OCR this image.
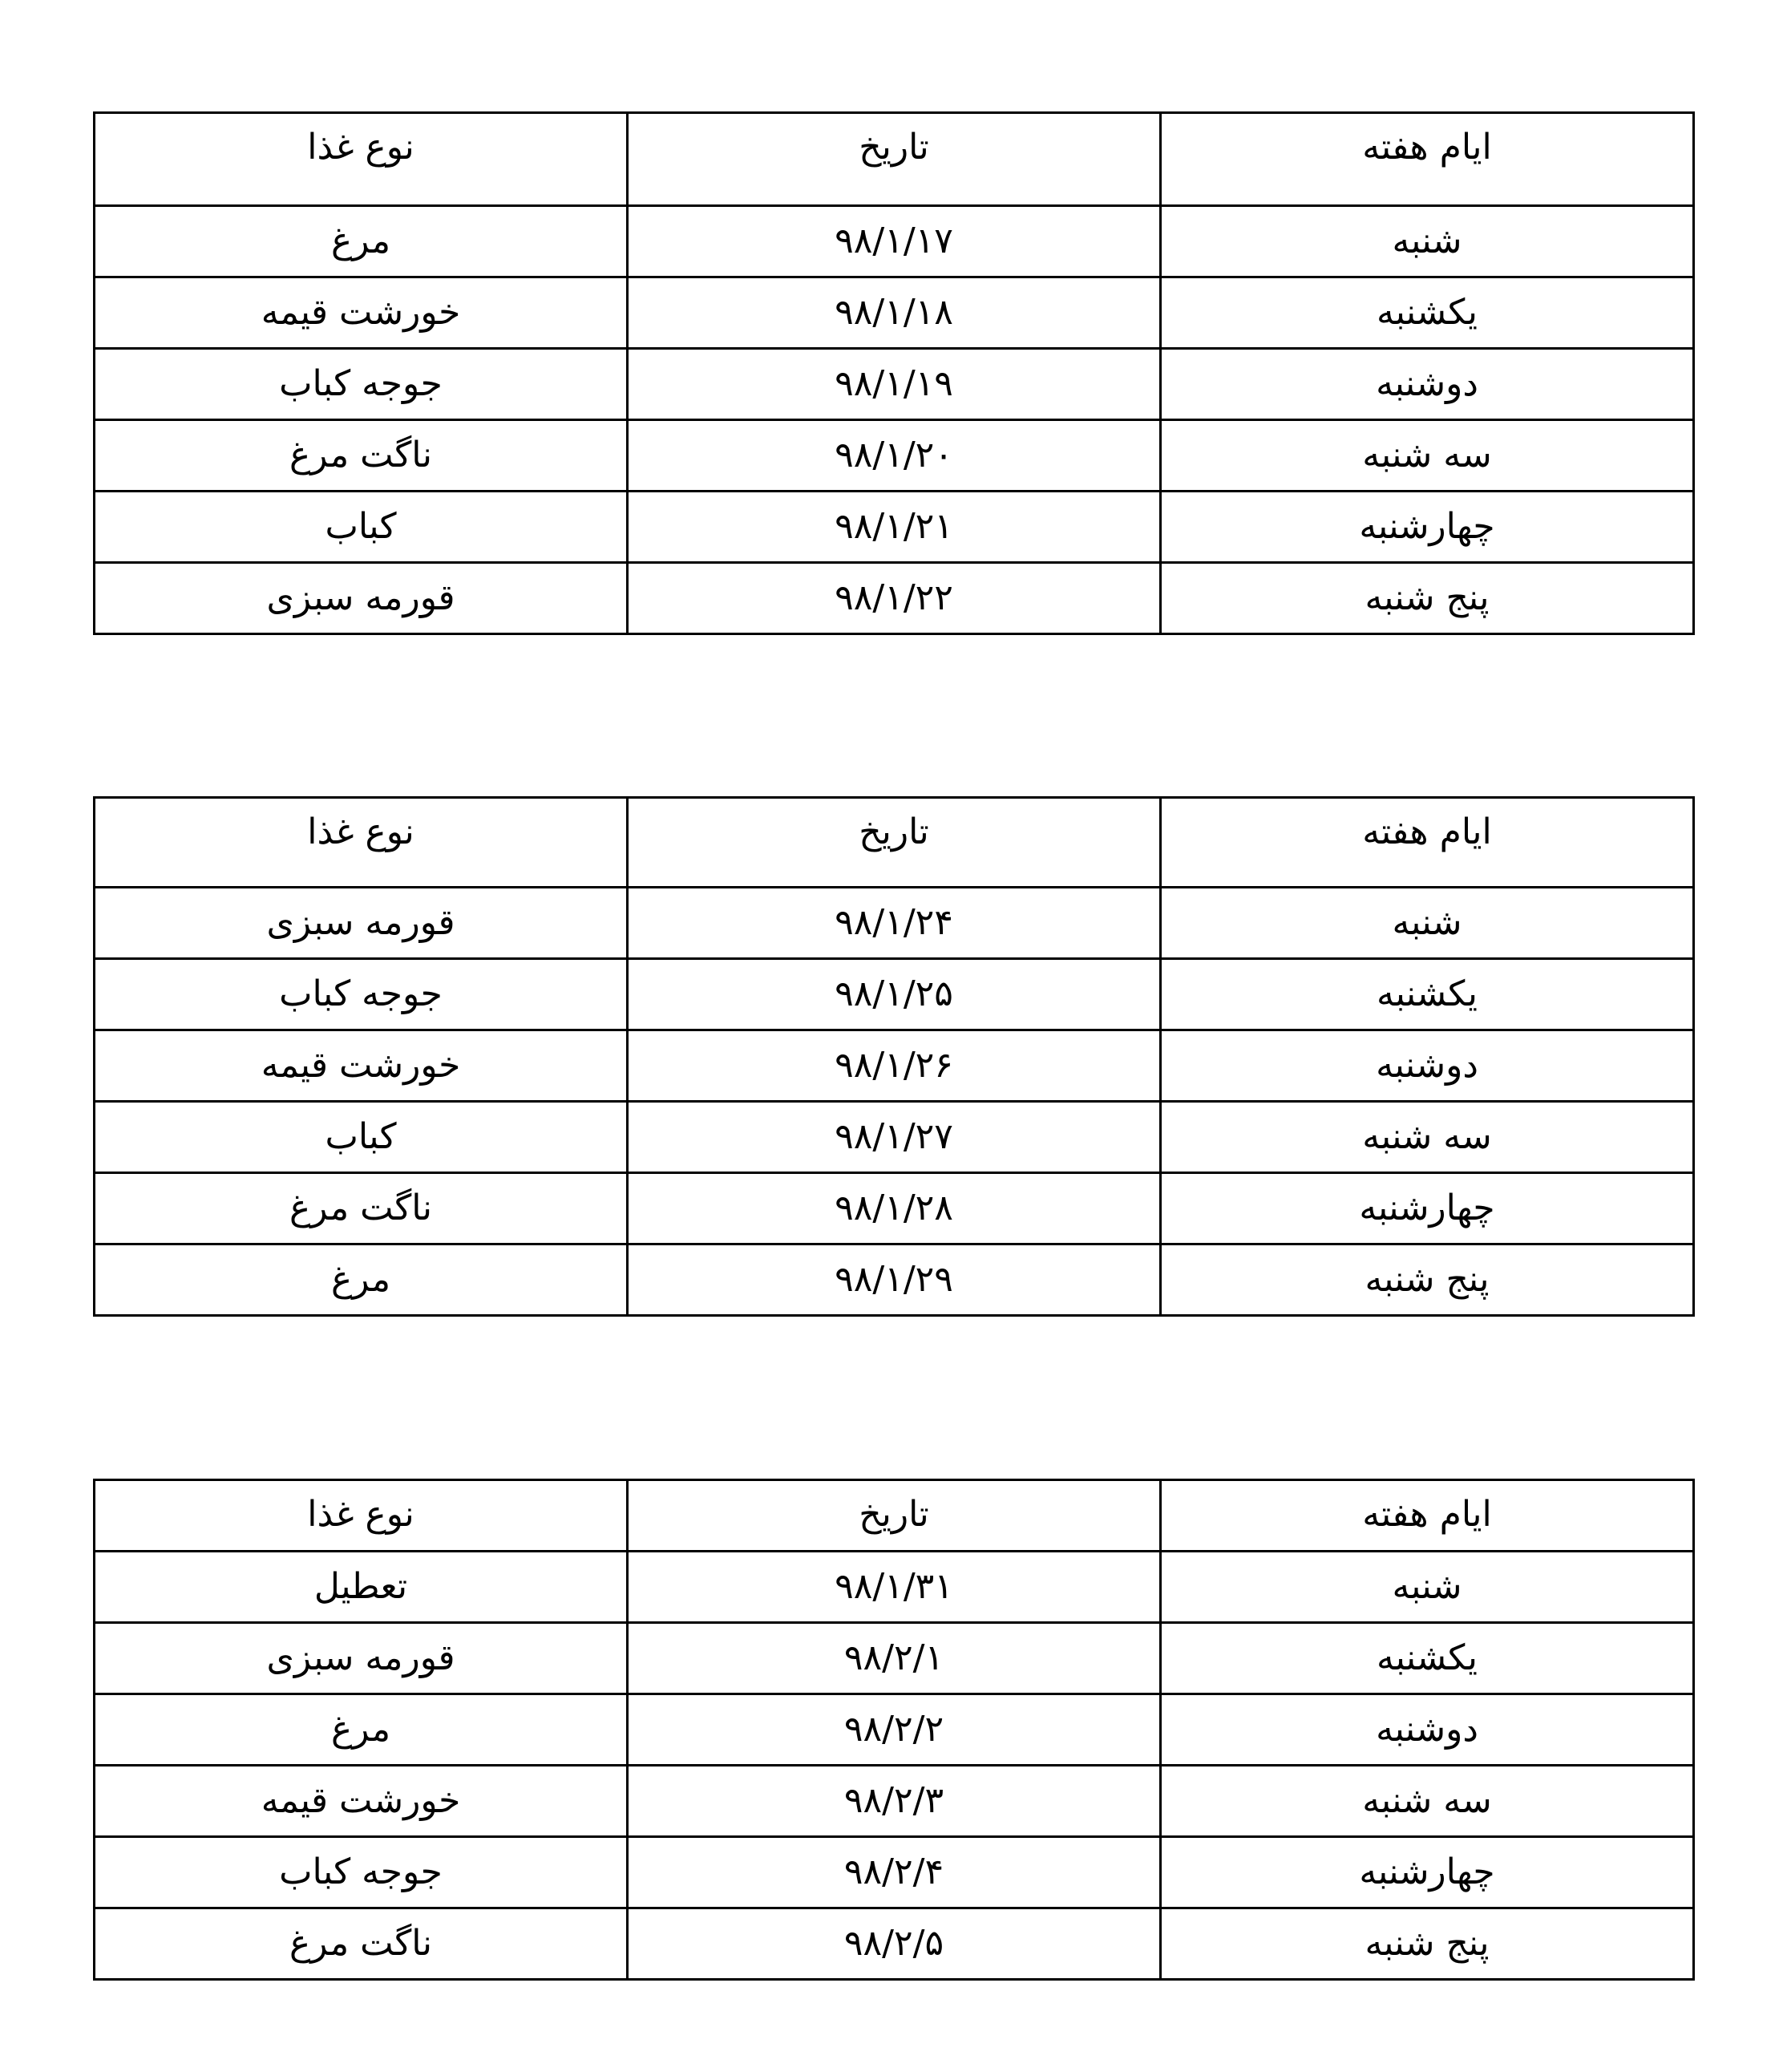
ایام هفته	تاریخ	نوع غذا
شنبه	۹۸/۱/۱۷	مرغ
یکشنبه	۹۸/۱/۱۸	خورشت قیمه
دوشنبه	۹۸/۱/۱۹	جوجه کباب
سه شنبه	۹۸/۱/۲۰	ناگت مرغ
چهارشنبه	۹۸/۱/۲۱	کباب
پنج شنبه	۹۸/۱/۲۲	قورمه سبزی
ایام هفته	تاریخ	نوع غذا
شنبه	۹۸/۱/۲۴	قورمه سبزی
یکشنبه	۹۸/۱/۲۵	جوجه کباب
دوشنبه	۹۸/۱/۲۶	خورشت قیمه
سه شنبه	۹۸/۱/۲۷	کباب
چهارشنبه	۹۸/۱/۲۸	ناگت مرغ
پنج شنبه	۹۸/۱/۲۹	مرغ
ایام هفته	تاریخ	نوع غذا
شنبه	۹۸/۱/۳۱	تعطیل
یکشنبه	۹۸/۲/۱	قورمه سبزی
دوشنبه	۹۸/۲/۲	مرغ
سه شنبه	۹۸/۲/۳	خورشت قیمه
چهارشنبه	۹۸/۲/۴	جوجه کباب
پنج شنبه	۹۸/۲/۵	ناگت مرغ
